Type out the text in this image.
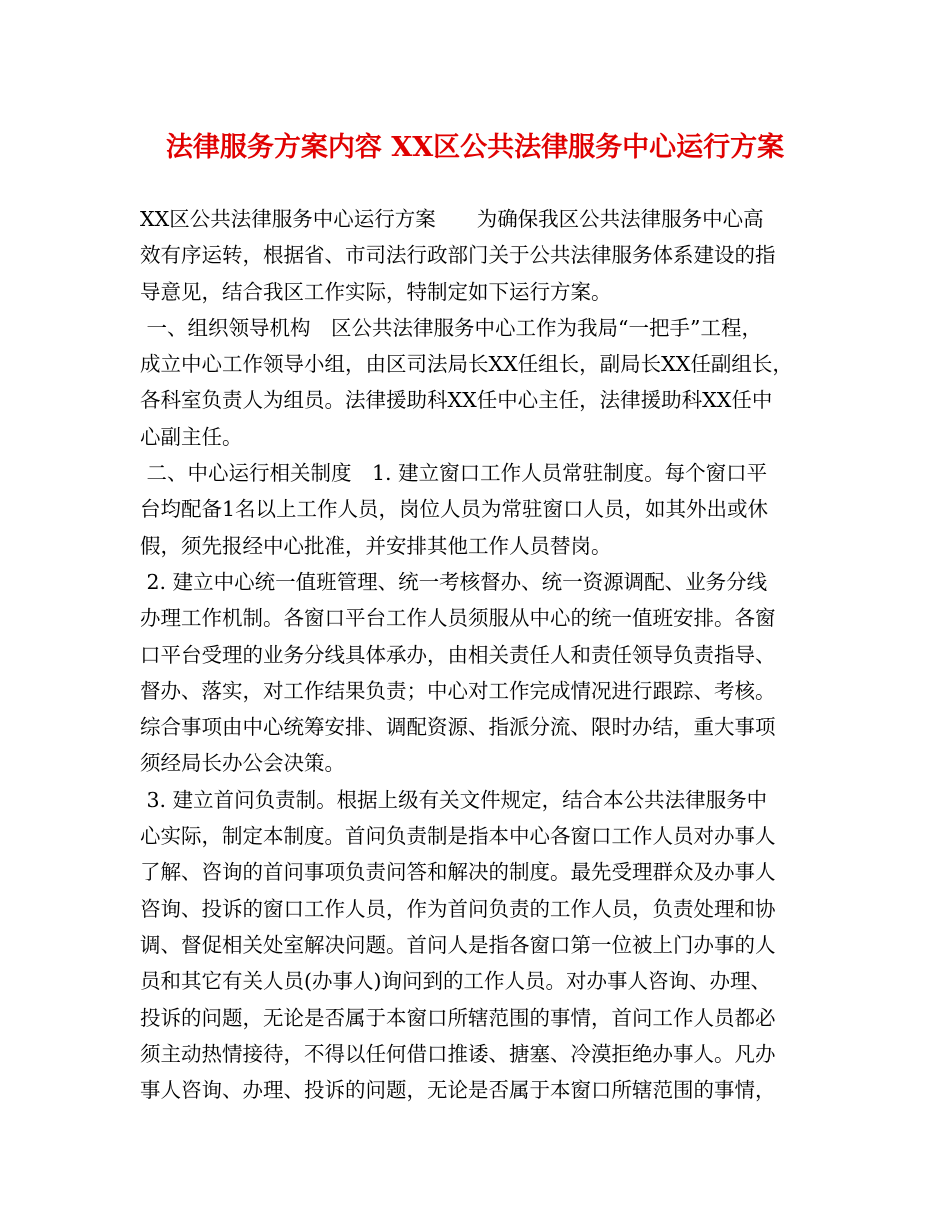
法律服务方案内容 XX区公共法律服务中心运行方案
XX区公共法律服务中心运行方案　　为确保我区公共法律服务中心高
效有序运转，根据省、市司法行政部门关于公共法律服务体系建设的指
导意见，结合我区工作实际，特制定如下运行方案。
一、组织领导机构　区公共法律服务中心工作为我局“一把手”工程，
成立中心工作领导小组，由区司法局长XX任组长，副局长XX任副组长，
各科室负责人为组员。法律援助科XX任中心主任，法律援助科XX任中
心副主任。
二、中心运行相关制度　1. 建立窗口工作人员常驻制度。每个窗口平
台均配备1名以上工作人员，岗位人员为常驻窗口人员，如其外出或休
假，须先报经中心批准，并安排其他工作人员替岗。
2. 建立中心统一值班管理、统一考核督办、统一资源调配、业务分线
办理工作机制。各窗口平台工作人员须服从中心的统一值班安排。各窗
口平台受理的业务分线具体承办，由相关责任人和责任领导负责指导、
督办、落实，对工作结果负责；中心对工作完成情况进行跟踪、考核。
综合事项由中心统筹安排、调配资源、指派分流、限时办结，重大事项
须经局长办公会决策。
3. 建立首问负责制。根据上级有关文件规定，结合本公共法律服务中
心实际，制定本制度。首问负责制是指本中心各窗口工作人员对办事人
了解、咨询的首问事项负责问答和解决的制度。最先受理群众及办事人
咨询、投诉的窗口工作人员，作为首问负责的工作人员，负责处理和协
调、督促相关处室解决问题。首问人是指各窗口第一位被上门办事的人
员和其它有关人员(办事人)询问到的工作人员。对办事人咨询、办理、
投诉的问题，无论是否属于本窗口所辖范围的事情，首问工作人员都必
须主动热情接待，不得以任何借口推诿、搪塞、冷漠拒绝办事人。凡办
事人咨询、办理、投诉的问题，无论是否属于本窗口所辖范围的事情，
